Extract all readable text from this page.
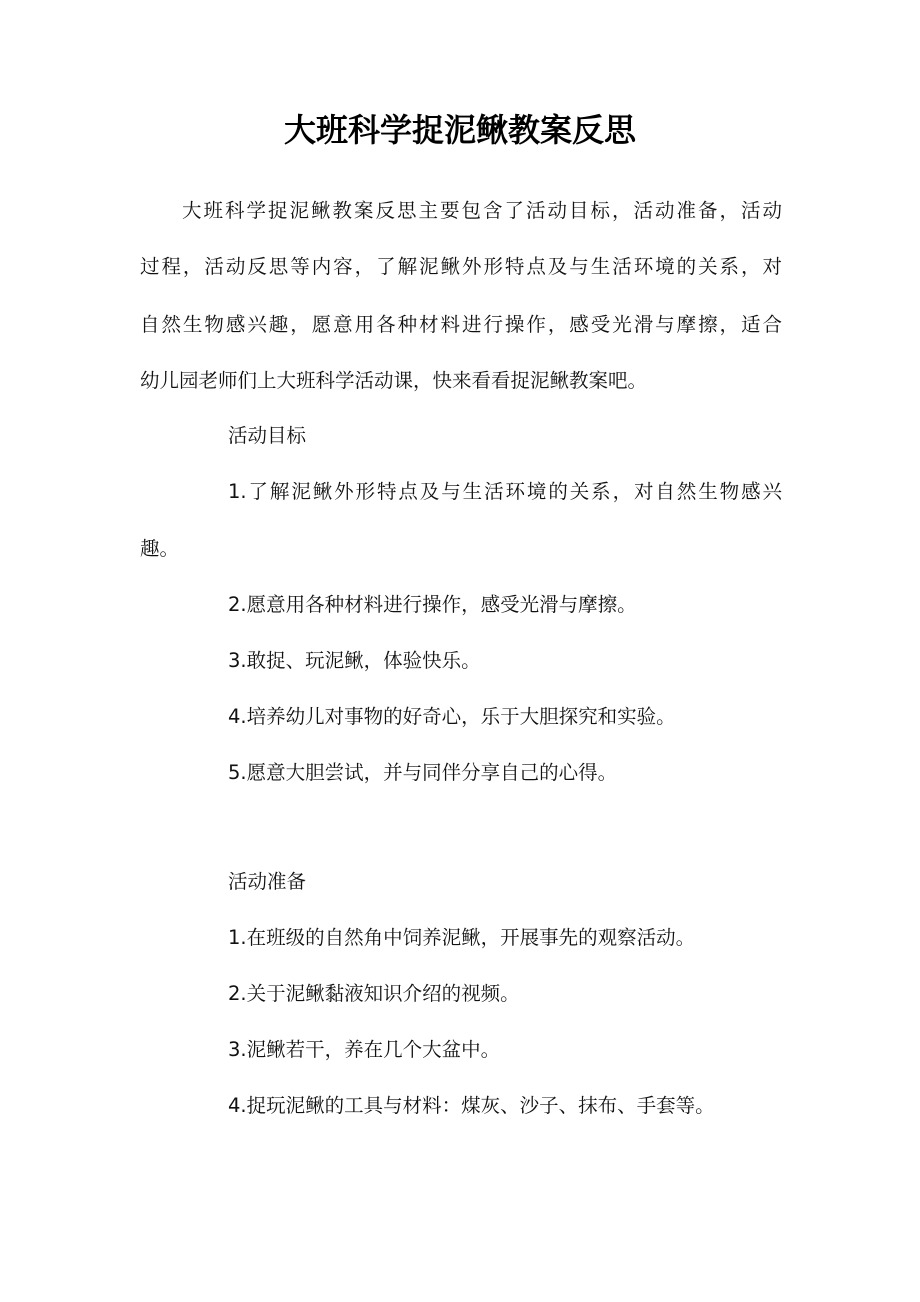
大班科学捉泥鳅教案反思
大班科学捉泥鳅教案反思主要包含了活动目标，活动准备，活动
过程，活动反思等内容，了解泥鳅外形特点及与生活环境的关系，对
自然生物感兴趣，愿意用各种材料进行操作，感受光滑与摩擦，适合
幼儿园老师们上大班科学活动课，快来看看捉泥鳅教案吧。
活动目标
1.了解泥鳅外形特点及与生活环境的关系，对自然生物感兴
趣。
2.愿意用各种材料进行操作，感受光滑与摩擦。
3.敢捉、玩泥鳅，体验快乐。
4.培养幼儿对事物的好奇心，乐于大胆探究和实验。
5.愿意大胆尝试，并与同伴分享自己的心得。
活动准备
1.在班级的自然角中饲养泥鳅，开展事先的观察活动。
2.关于泥鳅黏液知识介绍的视频。
3.泥鳅若干，养在几个大盆中。
4.捉玩泥鳅的工具与材料：煤灰、沙子、抹布、手套等。
